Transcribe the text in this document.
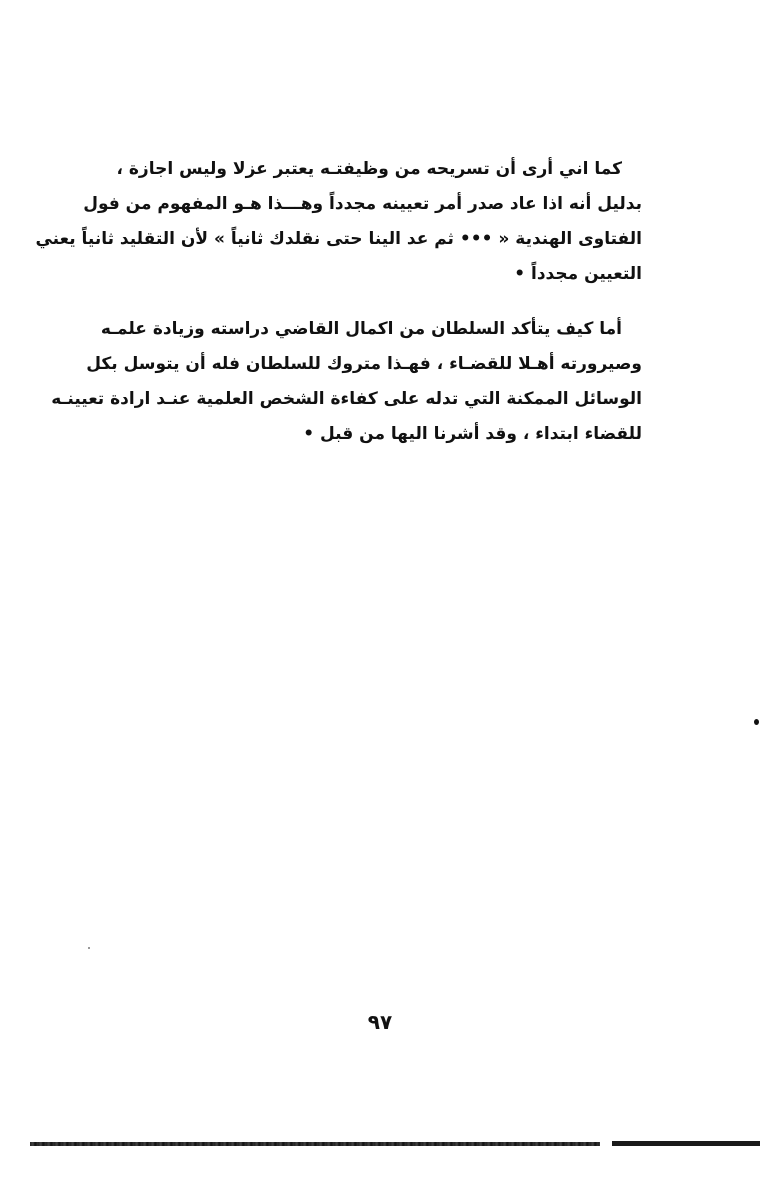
كما اني أرى أن تسريحه من وظيفتـه يعتبر عزلا وليس اجازة ،
بدليل أنه اذا عاد صدر أمر تعيينه مجدداً وهـــذا هـو المفهوم من فول
الفتاوى الهندية « ••• ثم عد الينا حتى نقلدك ثانياً » لأن التقليد ثانياً يعني
التعيين مجدداً •
أما كيف يتأكد السلطان من اكمال القاضي دراسته وزيادة علمـه
وصيرورته أهـلا للقضـاء ، فهـذا متروك للسلطان فله أن يتوسل بكل
الوسائل الممكنة التي تدله على كفاءة الشخص العلمية عنـد ارادة تعيينـه
للقضاء ابتداء ، وقد أشرنا اليها من قبل •
٩٧
